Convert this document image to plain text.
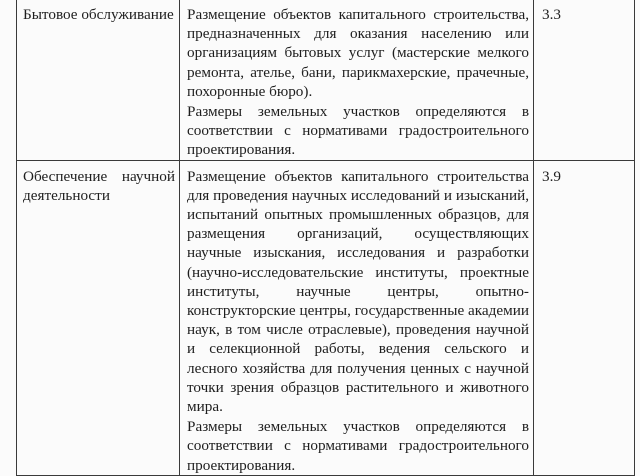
Бытовое обслуживание	Размещение объектов капитального строительства, предназначенных для оказания населению или организациям бытовых услуг (мастерские мелкого ремонта, ателье, бани, парикмахерские, прачечные, похоронные бюро).

Размеры земельных участков определяются в соответствии с нормативами градостроительного проектирования.	3.3

Обеспечение научной деятельности	Размещение объектов капитального строительства для проведения научных исследований и изысканий, испытаний опытных промышленных образцов, для размещения организаций, осуществляющих научные изыскания, исследования и разработки (научно-исследовательские институты, проектные институты, научные центры, опытно-конструкторские центры, государственные академии наук, в том числе отраслевые), проведения научной и селекционной работы, ведения сельского и лесного хозяйства для получения ценных с научной точки зрения образцов растительного и животного мира.

Размеры земельных участков определяются в соответствии с нормативами градостроительного проектирования.	3.9
